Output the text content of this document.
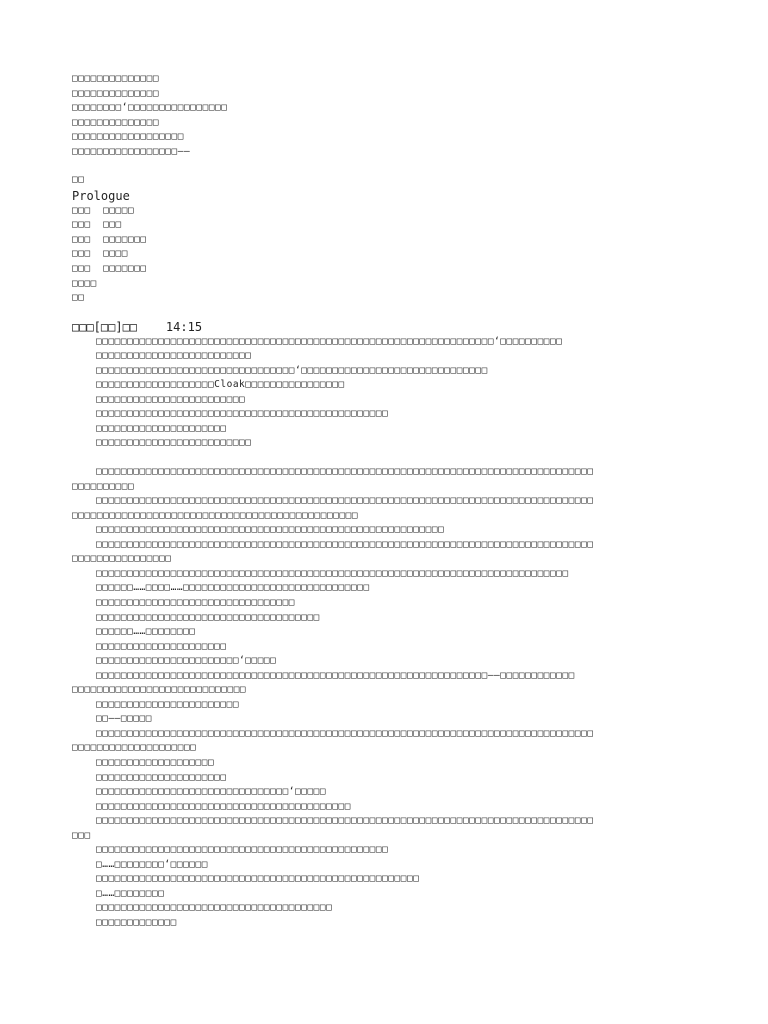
□□□□□□□□□□□□□□
□□□□□□□□□□□□□□
□□□□□□□□‘□□□□□□□□□□□□□□□□
□□□□□□□□□□□□□□
□□□□□□□□□□□□□□□□□□
□□□□□□□□□□□□□□□□□——
□□
Prologue
□□□  □□□□□
□□□  □□□
□□□  □□□□□□□
□□□  □□□□
□□□  □□□□□□□
□□□□
□□
□□□[□□]□□    14:15
□□□□□□□□□□□□□□□□□□□□□□□□□□□□□□□□□□□□□□□□□□□□□□□□□□□□□□□□□□□□□□□□‘□□□□□□□□□□
□□□□□□□□□□□□□□□□□□□□□□□□□
□□□□□□□□□□□□□□□□□□□□□□□□□□□□□□□□‘□□□□□□□□□□□□□□□□□□□□□□□□□□□□□□
□□□□□□□□□□□□□□□□□□□Cloak□□□□□□□□□□□□□□□□
□□□□□□□□□□□□□□□□□□□□□□□□
□□□□□□□□□□□□□□□□□□□□□□□□□□□□□□□□□□□□□□□□□□□□□□□
□□□□□□□□□□□□□□□□□□□□□
□□□□□□□□□□□□□□□□□□□□□□□□□
□□□□□□□□□□□□□□□□□□□□□□□□□□□□□□□□□□□□□□□□□□□□□□□□□□□□□□□□□□□□□□□□□□□□□□□□□□□□□□□□
□□□□□□□□□□
□□□□□□□□□□□□□□□□□□□□□□□□□□□□□□□□□□□□□□□□□□□□□□□□□□□□□□□□□□□□□□□□□□□□□□□□□□□□□□□□
□□□□□□□□□□□□□□□□□□□□□□□□□□□□□□□□□□□□□□□□□□□□□□
□□□□□□□□□□□□□□□□□□□□□□□□□□□□□□□□□□□□□□□□□□□□□□□□□□□□□□□□
□□□□□□□□□□□□□□□□□□□□□□□□□□□□□□□□□□□□□□□□□□□□□□□□□□□□□□□□□□□□□□□□□□□□□□□□□□□□□□□□
□□□□□□□□□□□□□□□□
□□□□□□□□□□□□□□□□□□□□□□□□□□□□□□□□□□□□□□□□□□□□□□□□□□□□□□□□□□□□□□□□□□□□□□□□□□□□
□□□□□□……□□□□……□□□□□□□□□□□□□□□□□□□□□□□□□□□□□□
□□□□□□□□□□□□□□□□□□□□□□□□□□□□□□□□
□□□□□□□□□□□□□□□□□□□□□□□□□□□□□□□□□□□□
□□□□□□……□□□□□□□□
□□□□□□□□□□□□□□□□□□□□□
□□□□□□□□□□□□□□□□□□□□□□□‘□□□□□
□□□□□□□□□□□□□□□□□□□□□□□□□□□□□□□□□□□□□□□□□□□□□□□□□□□□□□□□□□□□□□□——□□□□□□□□□□□□
□□□□□□□□□□□□□□□□□□□□□□□□□□□□
□□□□□□□□□□□□□□□□□□□□□□□
□□——□□□□□
□□□□□□□□□□□□□□□□□□□□□□□□□□□□□□□□□□□□□□□□□□□□□□□□□□□□□□□□□□□□□□□□□□□□□□□□□□□□□□□□
□□□□□□□□□□□□□□□□□□□□
□□□□□□□□□□□□□□□□□□□
□□□□□□□□□□□□□□□□□□□□□
□□□□□□□□□□□□□□□□□□□□□□□□□□□□□□□‘□□□□□
□□□□□□□□□□□□□□□□□□□□□□□□□□□□□□□□□□□□□□□□□
□□□□□□□□□□□□□□□□□□□□□□□□□□□□□□□□□□□□□□□□□□□□□□□□□□□□□□□□□□□□□□□□□□□□□□□□□□□□□□□□
□□□
□□□□□□□□□□□□□□□□□□□□□□□□□□□□□□□□□□□□□□□□□□□□□□□
□……□□□□□□□□‘□□□□□□
□□□□□□□□□□□□□□□□□□□□□□□□□□□□□□□□□□□□□□□□□□□□□□□□□□□□
□……□□□□□□□□
□□□□□□□□□□□□□□□□□□□□□□□□□□□□□□□□□□□□□□
□□□□□□□□□□□□□
